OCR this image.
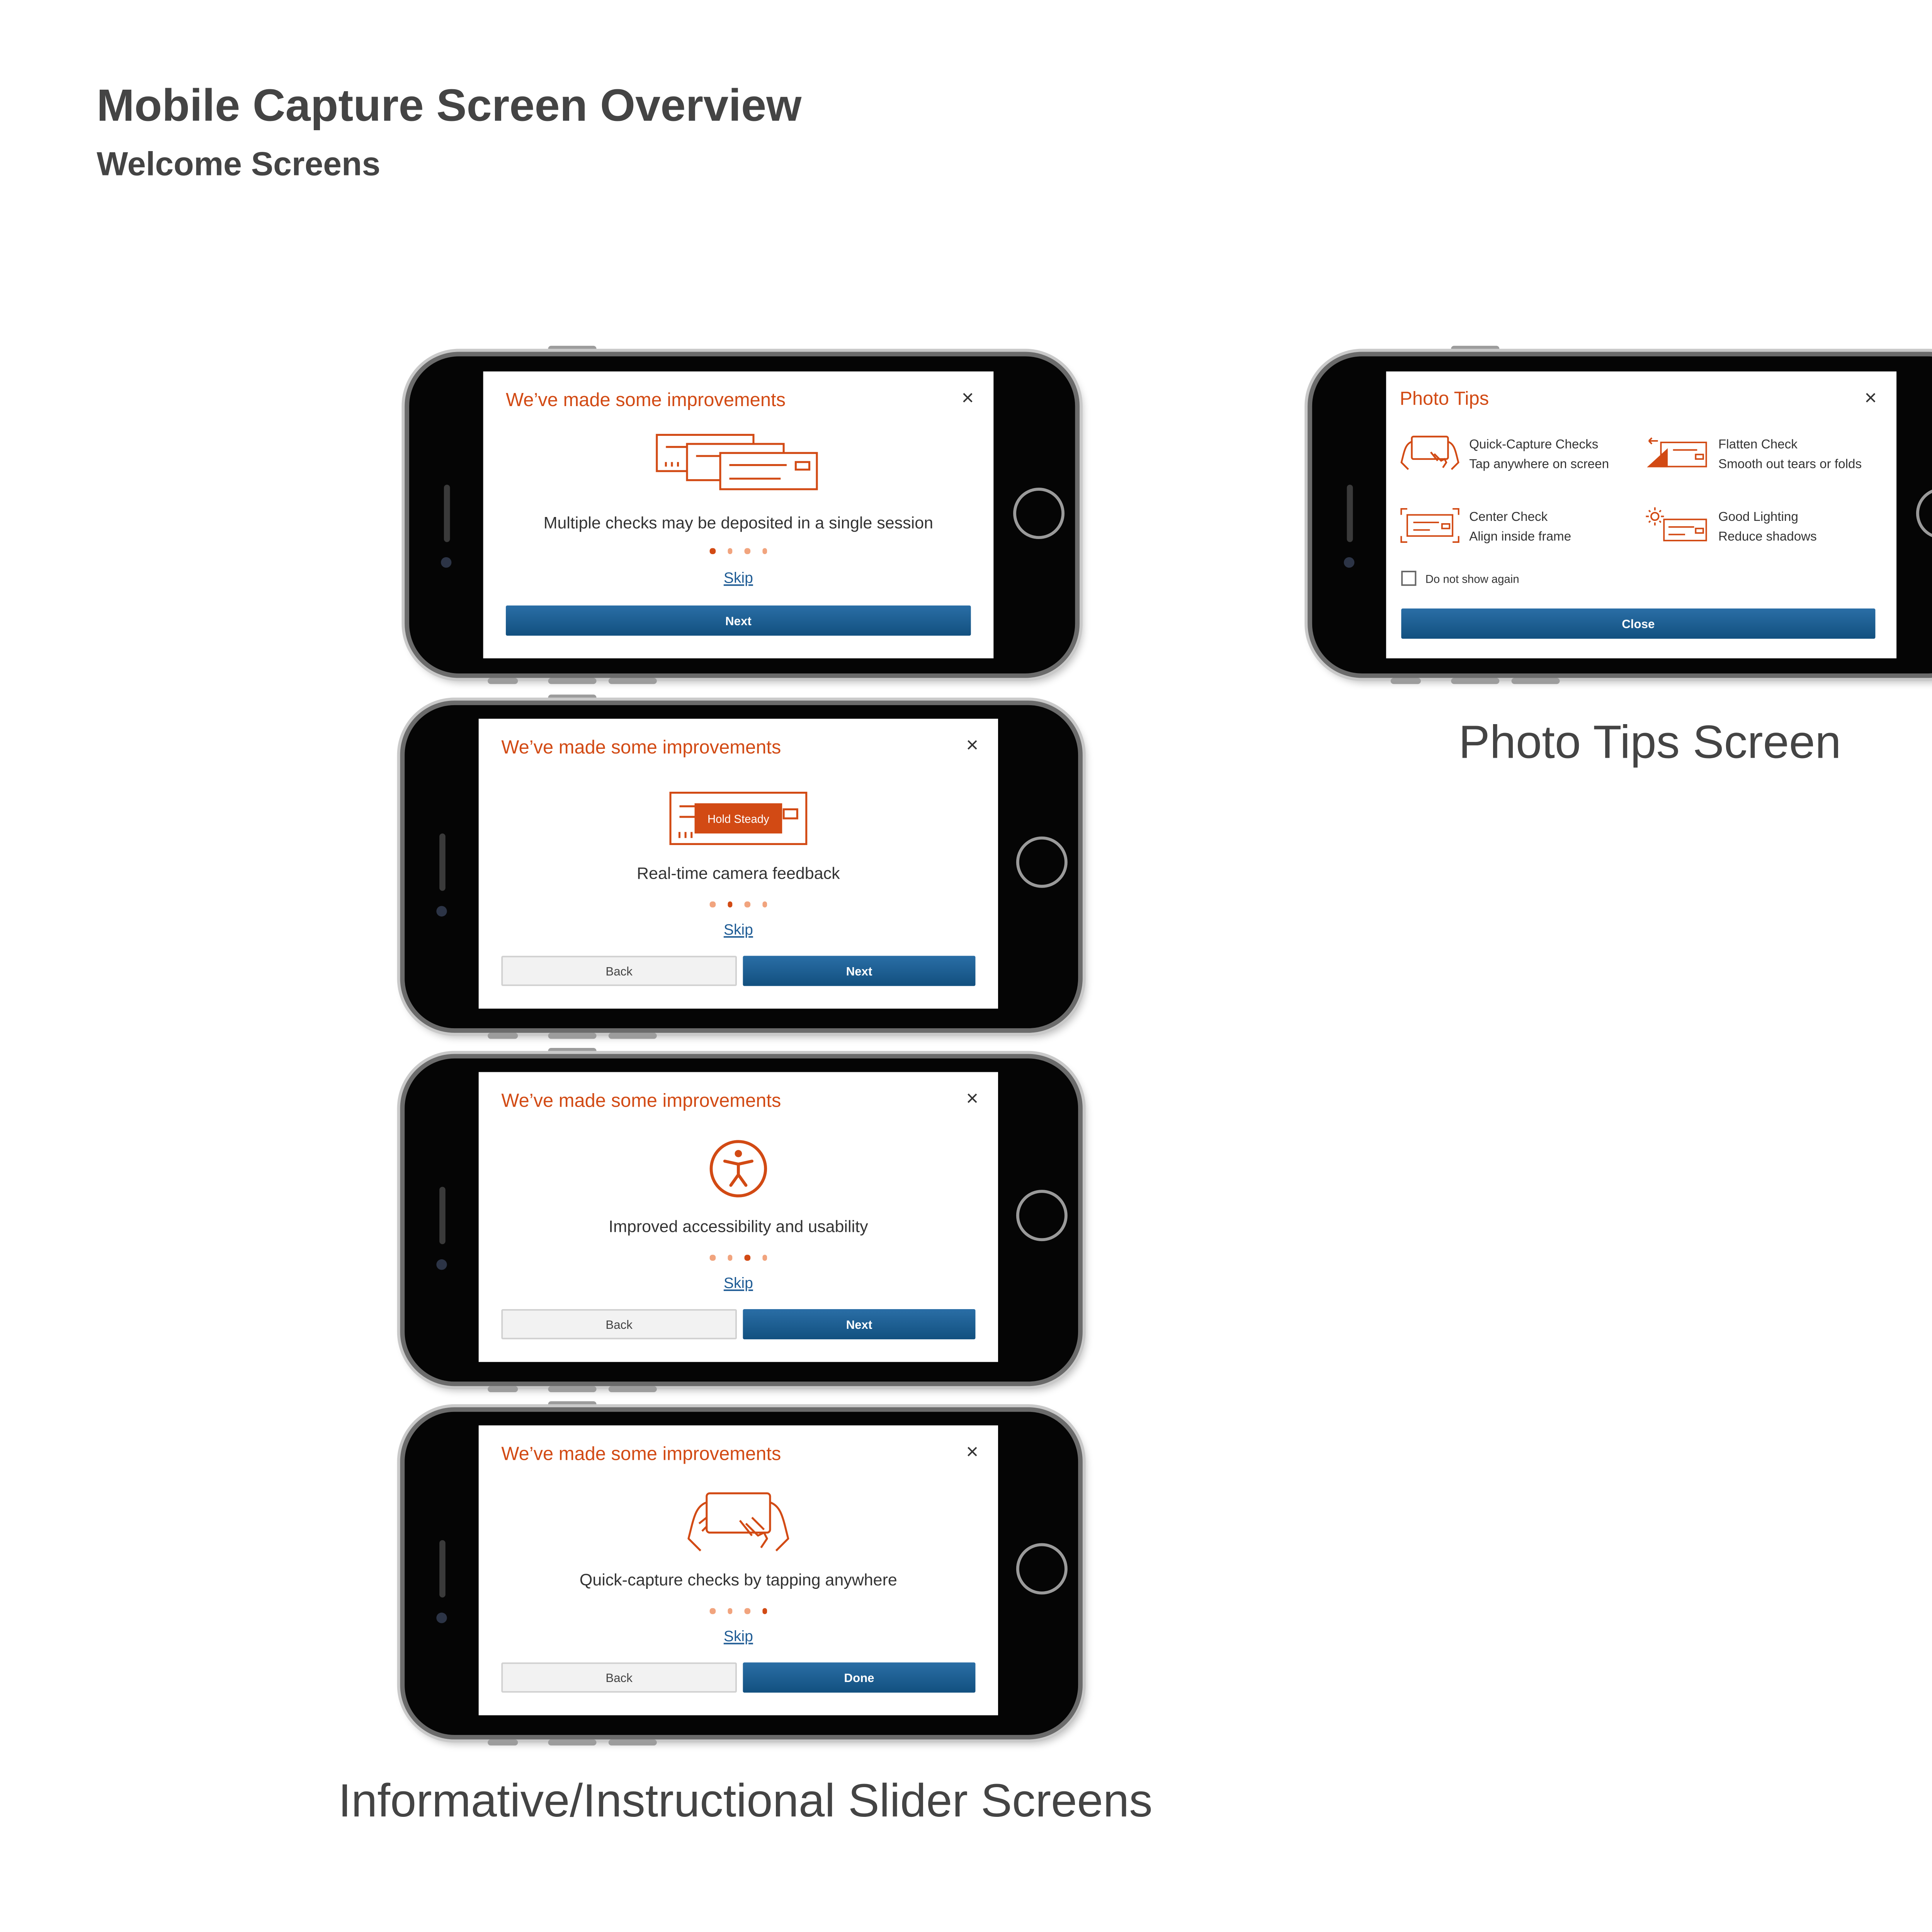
Mobile Capture Screen Overview
Welcome Screens
We’ve made some improvements	×
Multiple checks may be deposited in a single session
Skip
Next
We’ve made some improvements	×
Hold Steady
Real-time camera feedback
Skip
Back	Next
We’ve made some improvements	×
Improved accessibility and usability
Skip
Back	Next
We’ve made some improvements	×
Quick-capture checks by tapping anywhere
Skip
Back	Done
Informative/Instructional Slider Screens
Photo Tips	×
Quick-Capture Checks
Tap anywhere on screen
Flatten Check
Smooth out tears or folds
Center Check
Align inside frame
Good Lighting
Reduce shadows
Do not show again
Close
Photo Tips Screen
